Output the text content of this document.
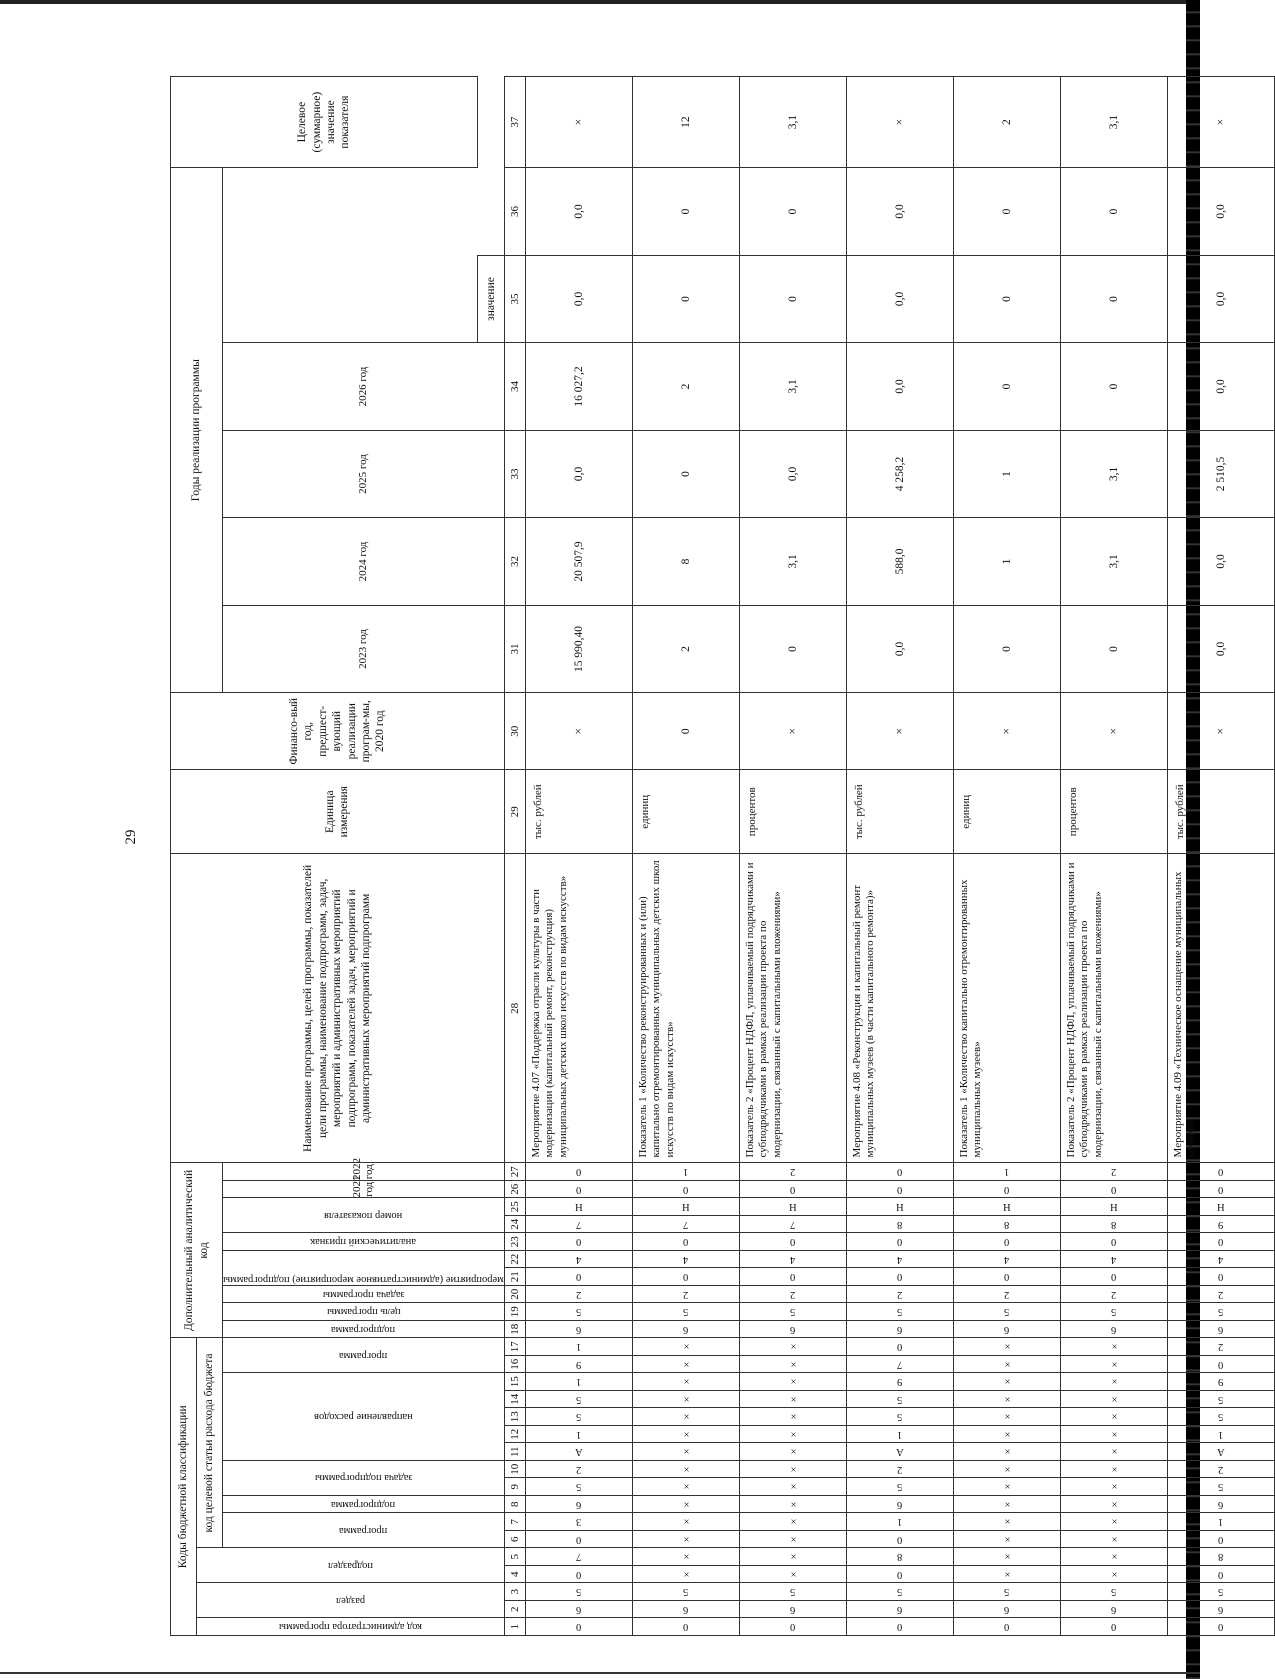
29
Коды бюджетной классификации																	Дополнительный аналитический код										Наименование программы, целей программы, показателей цели программы, наименование подпрограмм, задач, мероприятий и административных мероприятий подпрограмм, показателей задач, мероприятий и административных мероприятий подпрограмм	Единица измерения	Финансо-вый год, предшест-вующий реализации програм-мы, 2020 год	Годы реализации программы						Целевое (суммарное) значение показателя

код администратора программы	раздел		подраздел		код целевой статьи расхода бюджета																															

					программа		подпрограмма	задача подпрограммы		направление расходов					программа		подпрограмма	цель программы	задача программы	мероприятие (административное мероприятие) подпрограммы		аналитический признак	номер показателя		2021 год	2022 год				2023 год	2024 год	2025 год	2026 год			
																																		значение		
1	2	3	4	5	6	7	8	9	10	11	12	13	14	15	16	17	18	19	20	21	22	23	24	25	26	27	28	29	30	31	32	33	34	35	36	37

0	6	5	0	7	0	3	6	5	2	А	1	5	5	1	9	1	6	5	2	0	4	0	7	Н	0	0	Мероприятие 4.07 «Поддержка отрасли культуры в части модернизации (капитальный ремонт, реконструкция) муниципальных детских школ искусств по видам искусств»	тыс. рублей	×	15 990,40	20 507,9	0,0	16 027,2	0,0	0,0	×

0	6	5	×	×	×	×	×	×	×	×	×	×	×	×	×	×	6	5	2	0	4	0	7	Н	0	1	Показатель 1 «Количество реконструированных и (или) капитально отремонтированных муниципальных детских школ искусств по видам искусств»	единиц	0	2	8	0	2	0	0	12

0	6	5	×	×	×	×	×	×	×	×	×	×	×	×	×	×	6	5	2	0	4	0	7	Н	0	2	Показатель 2 «Процент НДФЛ, уплачиваемый подрядчиками и субподрядчиками в рамках реализации проекта по модернизации, связанный с капитальными вложениями»	процентов	×	0	3,1	0,0	3,1	0	0	3,1

0	6	5	0	8	0	1	6	5	2	А	1	5	5	9	7	0	6	5	2	0	4	0	8	Н	0	0	Мероприятие 4.08 «Реконструкция и капитальный ремонт муниципальных музеев (в части капитального ремонта)»	тыс. рублей	×	0,0	588,0	4 258,2	0,0	0,0	0,0	×

0	6	5	×	×	×	×	×	×	×	×	×	×	×	×	×	×	6	5	2	0	4	0	8	Н	0	1	Показатель 1 «Количество капитально отремонтированных муниципальных музеев»	единиц	×	0	1	1	0	0	0	2

0	6	5	×	×	×	×	×	×	×	×	×	×	×	×	×	×	6	5	2	0	4	0	8	Н	0	2	Показатель 2 «Процент НДФЛ, уплачиваемый подрядчиками и субподрядчиками в рамках реализации проекта по модернизации, связанный с капитальными вложениями»	процентов	×	0	3,1	3,1	0	0	0	3,1

0	6	5	0	8	0	1	6	5	2	А	1	5	5	9	0	2	6	5	2	0	4	0	9	Н	0	0	Мероприятие 4.09 «Техническое оснащение муниципальных музеев»	тыс. рублей	×	0,0	0,0	2 510,5	0,0	0,0	0,0	×
